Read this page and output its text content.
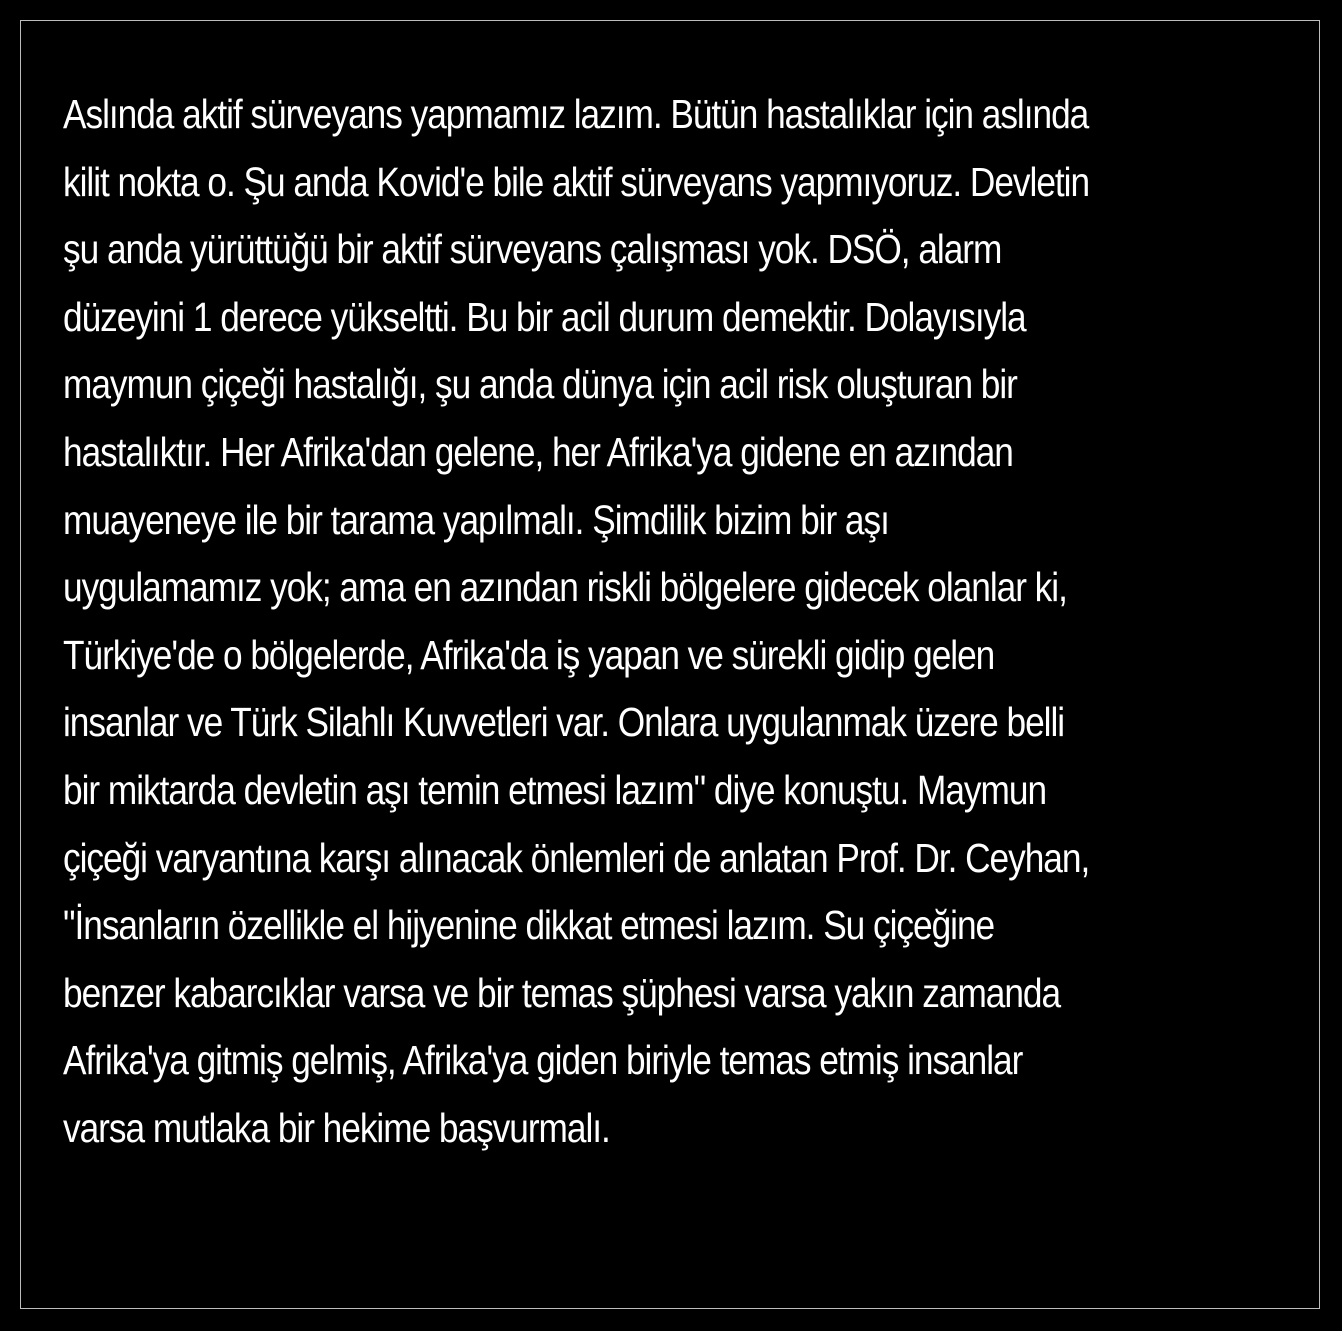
Aslında aktif sürveyans yapmamız lazım. Bütün hastalıklar için aslında
kilit nokta o. Şu anda Kovid'e bile aktif sürveyans yapmıyoruz. Devletin
şu anda yürüttüğü bir aktif sürveyans çalışması yok. DSÖ, alarm
düzeyini 1 derece yükseltti. Bu bir acil durum demektir. Dolayısıyla
maymun çiçeği hastalığı, şu anda dünya için acil risk oluşturan bir
hastalıktır. Her Afrika'dan gelene, her Afrika'ya gidene en azından
muayeneye ile bir tarama yapılmalı. Şimdilik bizim bir aşı
uygulamamız yok; ama en azından riskli bölgelere gidecek olanlar ki,
Türkiye'de o bölgelerde, Afrika'da iş yapan ve sürekli gidip gelen
insanlar ve Türk Silahlı Kuvvetleri var. Onlara uygulanmak üzere belli
bir miktarda devletin aşı temin etmesi lazım" diye konuştu. Maymun
çiçeği varyantına karşı alınacak önlemleri de anlatan Prof. Dr. Ceyhan,
"İnsanların özellikle el hijyenine dikkat etmesi lazım. Su çiçeğine
benzer kabarcıklar varsa ve bir temas şüphesi varsa yakın zamanda
Afrika'ya gitmiş gelmiş, Afrika'ya giden biriyle temas etmiş insanlar
varsa mutlaka bir hekime başvurmalı.
